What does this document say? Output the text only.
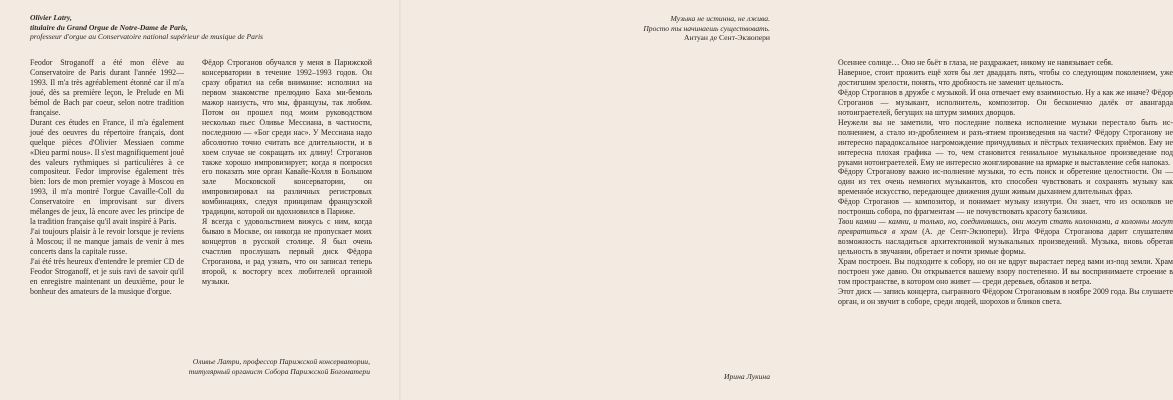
Olivier Latry,
titulaire du Grand Orgue de Notre-Dame de Paris,
professeur d'orgue au Conservatoire national supérieur de musique de Paris

Feodor Stroganoff a été mon élève au Conservatoire de Paris durant l'année 1992—1993. Il m'a très agréablement étonné car il m'a joué, dès sa première leçon, le Prelude en Mi bémol de Bach par coeur, selon notre tradition française.

Durant ces études en France, il m'a également joué des oeuvres du répertoire français, dont quelque pièces d'Olivier Messiaen comme «Dieu parmi nous». Il s'est magnifiquement joué des valeurs rythmiques si particulières à ce compositeur. Fedor improvise également très bien: lors de mon premier voyage à Moscou en 1993, il m'a montré l'orgue Cavaille-Coll du Conservatoire en improvisant sur divers mélanges de jeux, là encore avec les principe de la tradition française qu'il avait inspiré à Paris.

J'ai toujours plaisir à le revoir lorsque je reviens à Moscou; il ne manque jamais de venir à mes concerts dans la capitale russe.

J'ai été très heureux d'entendre le premier CD de Feodor Stroganoff, et je suis ravi de savoir qu'il en enregistre maintenant un deuxième, pour le bonheur des amateurs de la musique d'orgue.

Фёдор Строганов обучался у меня в Парижской консерватории в течение 1992–1993 годов. Он сразу обратил на себя внимание: исполнил на первом знакомстве прелюдию Баха ми-бемоль мажор наизусть, что мы, французы, так любим. Потом он прошел под моим руководством несколько пьес Оливье Мессиана, в частности, последнюю — «Бог среди нас». У Мессиана надо абсолютно точно считать все длительности, и в хоем случае не сокращать их длину! Строганов также хорошо импровизирует; когда я попросил его показать мне орган Кавайе-Колля в Большом зале Московской консерватории, он импровизировал на различных регистровых комбинациях, следуя принципам французской традиции, которой он вдохновился в Париже.

Я всегда с удовольствием вижусь с ним, когда бываю в Москве, он никогда не пропускает моих концертов в русской столице. Я был очень счастлив прослушать первый диск Фёдора Строганова, и рад узнать, что он записал теперь второй, к восторгу всех любителей органной музыки.

Оливье Латри, профессор Парижской консерватории,
титулярный органист Собора Парижской Богоматери
Музыка не истинна, не лжива.
Просто ты начинаешь существовать.
Антуан де Сент-Экзюпери

Осеннее солнце… Оно не бьёт в глаза, не раздражает, никому не навязывает себя.

Наверное, стоит прожить ещё хотя бы лет двадцать пять, чтобы со следующим поколением, уже достигшим зрелости, понять, что дробность не заменит цельность.

Фёдор Строганов в дружбе с музыкой. И она отвечает ему взаимностью. Ну а как же иначе? Фёдор Строганов — музыкант, исполнитель, композитор. Он бесконечно далёк от авангарда нотоиграетелей, бегущих на штурм зимних дворцов.

Неужели вы не заметили, что последние полвека исполнение музыки перестало быть ис-полнением, а стало из-дроблением и разъ-ятием произведения на части? Фёдору Строганову не интересно парадоксальное нагромождение причудливых и пёстрых технических приёмов. Ему не интересна плохая графика — то, чем становится гениальное музыкальное произведение под руками нотоиграетелей. Ему не интересно жонглирование на ярмарке и выставление себя напоказ.

Фёдору Строганову важно ис-полнение музыки, то есть поиск и обретение целостности. Он — один из тех очень немногих музыкантов, кто способен чувствовать и сохранять музыку как временнóе искусство, передающее движения души живым дыханием длительных фраз.

Фёдор Строганов — композитор, и понимает музыку изнутри. Он знает, что из осколков не построишь собора, по фрагментам — не почувствовать красоту базилики.

Твои камни — камни, и только, но, соединившись, они могут стать колоннами, а колонны могут превратиться в храм (А. де Сент-Экзюпери). Игра Фёдора Строганова дарит слушателям возможность насладиться архитектоникой музыкальных произведений. Музыка, вновь обретая цельность в звучании, обретает и почти зримые формы.

Храм построен. Вы подходите к собору, но он не вдруг вырастает перед вами из-под земли. Храм построен уже давно. Он открывается вашему взору постепенно. И вы воспринимаете строение в том пространстве, в котором оно живет — среди деревьев, облаков и ветра.

Этот диск — запись концерта, сыгранного Фёдором Строгановым в ноябре 2009 года. Вы слушаете орган, и он звучит в соборе, среди людей, шорохов и бликов света.

Ирина Лукина
